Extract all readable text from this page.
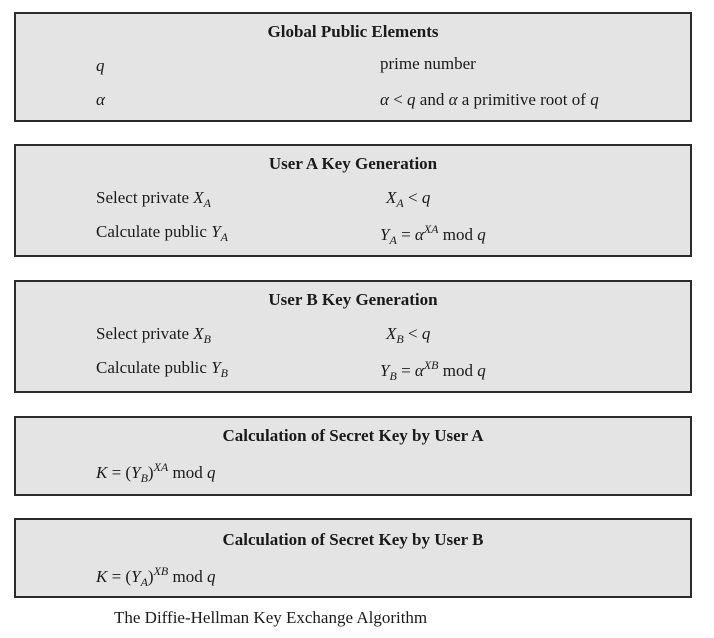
Global Public Elements
q	prime number
α	α < q and α a primitive root of q
User A Key Generation
Select private $X_A$	$X_A < q$
Calculate public $Y_A$	$Y_A = \alpha^{XA}$ mod q
User B Key Generation
Select private $X_B$	$X_B < q$
Calculate public $Y_B$	$Y_B = \alpha^{XB}$ mod q
Calculation of Secret Key by User A
$K = (Y_B)^{XA}$ mod q
Calculation of Secret Key by User B
$K = (Y_A)^{XB}$ mod q
The Diffie-Hellman Key Exchange Algorithm
